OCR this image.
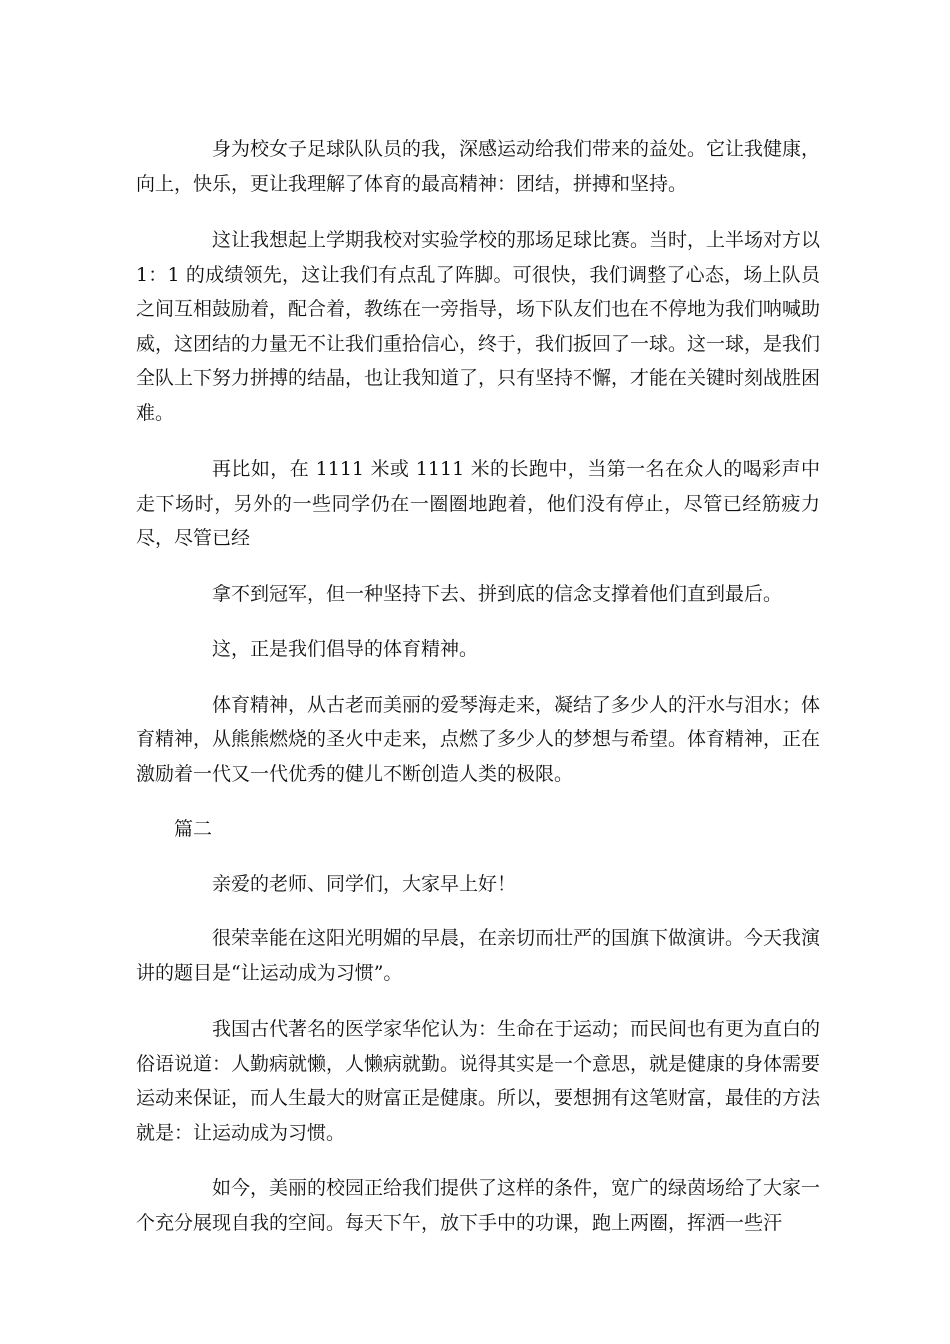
身为校女子足球队队员的我，深感运动给我们带来的益处。它让我健康，向上，快乐，更让我理解了体育的最高精神：团结，拼搏和坚持。

这让我想起上学期我校对实验学校的那场足球比赛。当时，上半场对方以 1：1 的成绩领先，这让我们有点乱了阵脚。可很快，我们调整了心态，场上队员之间互相鼓励着，配合着，教练在一旁指导，场下队友们也在不停地为我们呐喊助威，这团结的力量无不让我们重拾信心，终于，我们扳回了一球。这一球，是我们全队上下努力拼搏的结晶，也让我知道了，只有坚持不懈，才能在关键时刻战胜困难。

再比如，在 1111 米或 1111 米的长跑中，当第一名在众人的喝彩声中走下场时，另外的一些同学仍在一圈圈地跑着，他们没有停止，尽管已经筋疲力尽，尽管已经

拿不到冠军，但一种坚持下去、拼到底的信念支撑着他们直到最后。

这，正是我们倡导的体育精神。

体育精神，从古老而美丽的爱琴海走来，凝结了多少人的汗水与泪水；体育精神，从熊熊燃烧的圣火中走来，点燃了多少人的梦想与希望。体育精神，正在激励着一代又一代优秀的健儿不断创造人类的极限。

篇二

亲爱的老师、同学们，大家早上好！

很荣幸能在这阳光明媚的早晨，在亲切而壮严的国旗下做演讲。今天我演讲的题目是“让运动成为习惯”。

我国古代著名的医学家华佗认为：生命在于运动；而民间也有更为直白的俗语说道：人勤病就懒，人懒病就勤。说得其实是一个意思，就是健康的身体需要运动来保证，而人生最大的财富正是健康。所以，要想拥有这笔财富，最佳的方法就是：让运动成为习惯。

如今，美丽的校园正给我们提供了这样的条件，宽广的绿茵场给了大家一个充分展现自我的空间。每天下午，放下手中的功课，跑上两圈，挥洒一些汗
